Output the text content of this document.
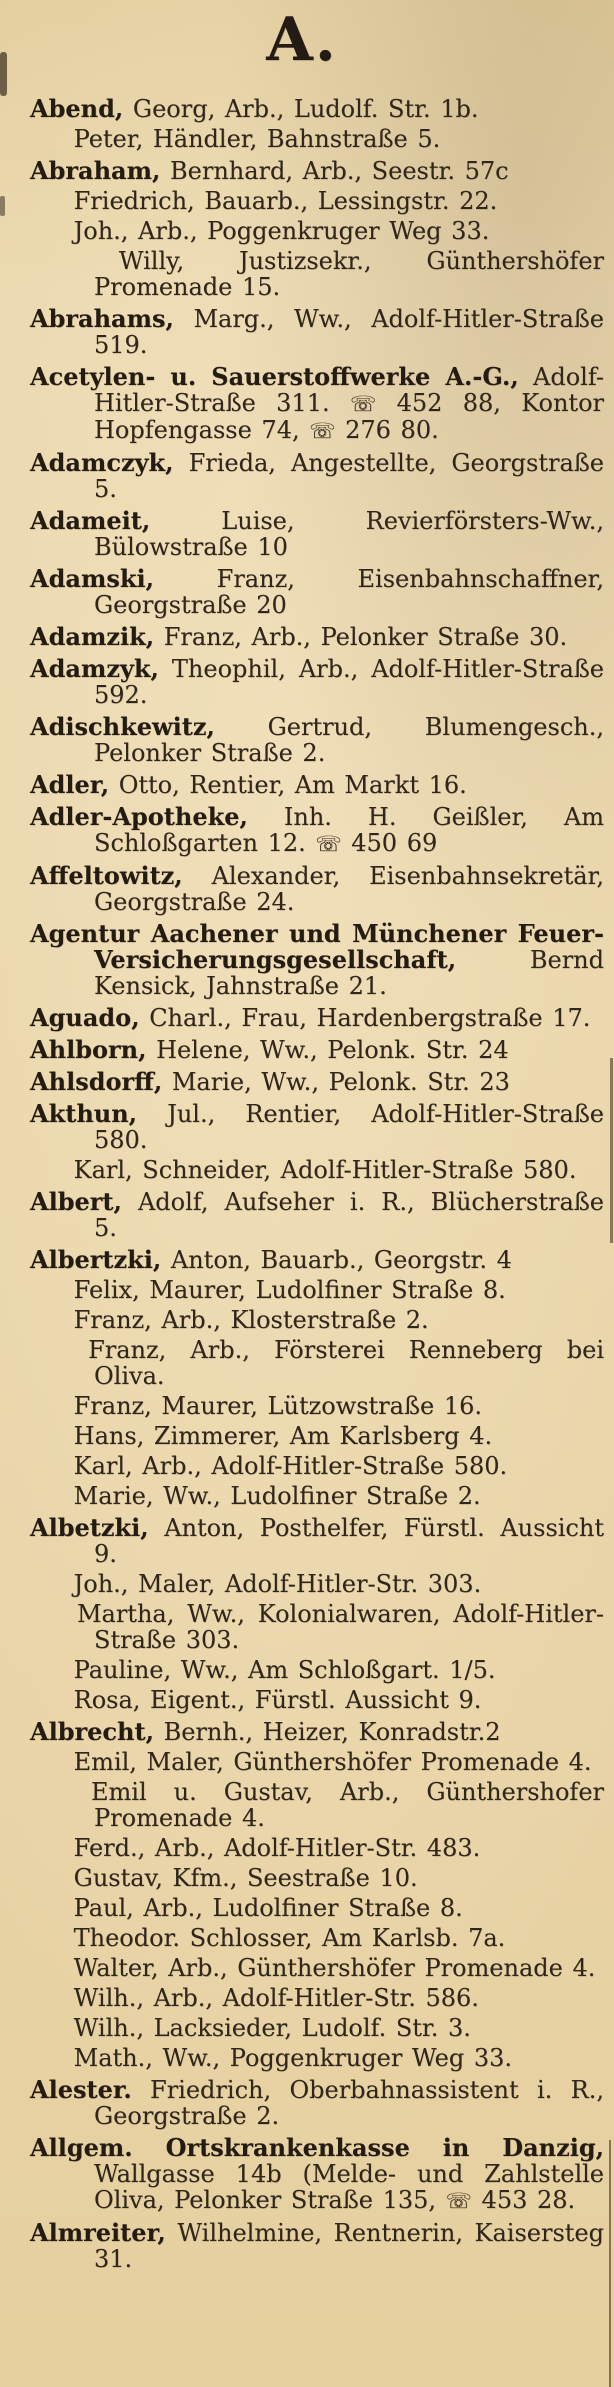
A.

Abend, Georg, Arb., Ludolf. Str. 1b.

Peter, Händler, Bahnstraße 5.

Abraham, Bernhard, Arb., Seestr. 57c

Friedrich, Bauarb., Lessingstr. 22.

Joh., Arb., Poggenkruger Weg 33.

Willy, Justizsekr., Günthershöfer Promenade 15.

Abrahams, Marg., Ww., Adolf-Hitler-Straße 519.

Acetylen- u. Sauerstoffwerke A.-G., Adolf-Hitler-Straße 311. ☏ 452 88, Kontor Hopfengasse 74, ☏ 276 80.

Adamczyk, Frieda, Angestellte, Georgstraße 5.

Adameit,	Luise, Revierförsters-Ww., Bülowstraße 10

Adamski,	Franz, Eisenbahnschaffner, Georgstraße 20

Adamzik, Franz, Arb., Pelonker Straße 30.

Adamzyk, Theophil, Arb., Adolf-Hitler-Straße 592.

Adischkewitz, Gertrud, Blumengesch., Pelonker Straße 2.

Adler, Otto, Rentier, Am Markt 16.

Adler-Apotheke, Inh. H. Geißler, Am Schloßgarten 12. ☏ 450 69

Affeltowitz, Alexander, Eisenbahnsekretär, Georgstraße 24.

Agentur Aachener und Münchener Feuer-Versicherungsgesellschaft,	Bernd Kensick, Jahnstraße 21.

Aguado, Charl., Frau, Hardenbergstraße 17.

Ahlborn, Helene, Ww., Pelonk. Str. 24

Ahlsdorff, Marie, Ww., Pelonk. Str. 23

Akthun, Jul., Rentier, Adolf-Hitler-Straße 580.

Karl, Schneider, Adolf-Hitler-Straße 580.

Albert, Adolf, Aufseher i. R., Blücherstraße 5.

Albertzki, Anton, Bauarb., Georgstr. 4

Felix, Maurer, Ludolfiner Straße 8.

Franz, Arb., Klosterstraße 2.

Franz, Arb., Försterei Renneberg bei Oliva.

Franz, Maurer, Lützowstraße 16.

Hans, Zimmerer, Am Karlsberg 4.

Karl, Arb., Adolf-Hitler-Straße 580.

Marie, Ww., Ludolfiner Straße 2.

Albetzki, Anton, Posthelfer, Fürstl. Aussicht 9.

Joh., Maler, Adolf-Hitler-Str. 303.

Martha, Ww., Kolonialwaren, Adolf-Hitler-Straße 303.

Pauline, Ww., Am Schloßgart. 1/5.

Rosa, Eigent., Fürstl. Aussicht 9.

Albrecht, Bernh., Heizer, Konradstr.2

Emil, Maler, Günthershöfer Promenade 4.

Emil u. Gustav, Arb., Günthershofer Promenade 4.

Ferd., Arb., Adolf-Hitler-Str. 483.

Gustav, Kfm., Seestraße 10.

Paul, Arb., Ludolfiner Straße 8.

Theodor. Schlosser, Am Karlsb. 7a.

Walter, Arb., Günthershöfer Promenade 4.

Wilh., Arb., Adolf-Hitler-Str. 586.

Wilh., Lacksieder, Ludolf. Str. 3.

Math., Ww., Poggenkruger Weg 33.

Alester. Friedrich, Oberbahnassistent i. R., Georgstraße 2.

Allgem. Ortskrankenkasse in Danzig, Wallgasse 14b (Melde- und Zahlstelle Oliva, Pelonker Straße 135, ☏ 453 28.

Almreiter, Wilhelmine, Rentnerin, Kaisersteg 31.
